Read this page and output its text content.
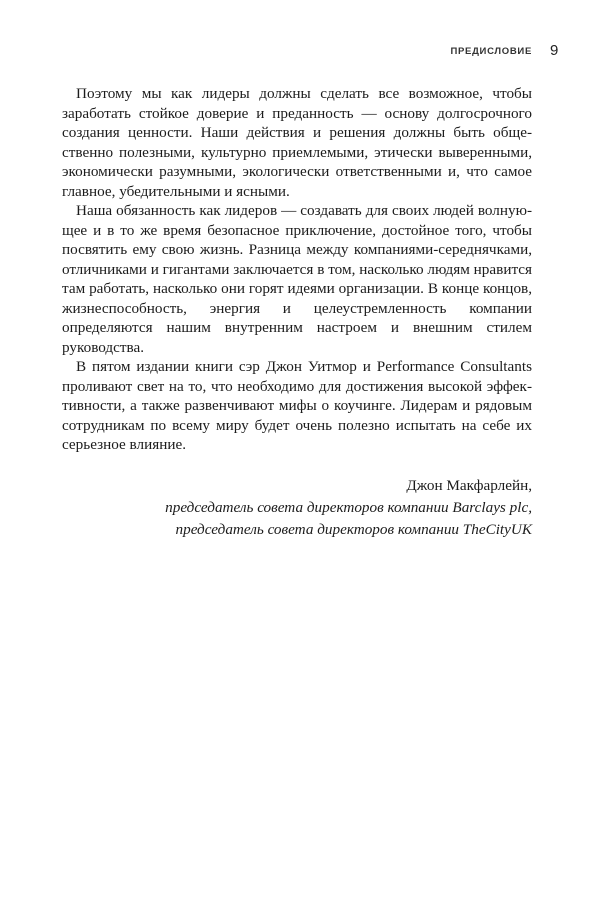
ПРЕДИСЛОВИЕ 9

Поэтому мы как лидеры должны сделать все возможное, чтобы заработать стойкое доверие и преданность — основу долгосрочного создания ценности. Наши действия и решения должны быть общественно полезными, культурно приемлемыми, этически выверенными, экономически разумными, экологически ответственными и, что самое главное, убедительными и ясными.

Наша обязанность как лидеров — создавать для своих людей волнующее и в то же время безопасное приключение, достойное того, чтобы посвятить ему свою жизнь. Разница между компаниями-середнячками, отличниками и гигантами заключается в том, насколько людям нравится там работать, насколько они горят идеями организации. В конце концов, жизнеспособность, энергия и целеустремленность компании определяются нашим внутренним настроем и внешним стилем руководства.

В пятом издании книги сэр Джон Уитмор и Performance Consultants проливают свет на то, что необходимо для достижения высокой эффективности, а также развенчивают мифы о коучинге. Лидерам и рядовым сотрудникам по всему миру будет очень полезно испытать на себе их серьезное влияние.

Джон Макфарлейн,
председатель совета директоров компании Barclays plc,
председатель совета директоров компании TheCityUK
